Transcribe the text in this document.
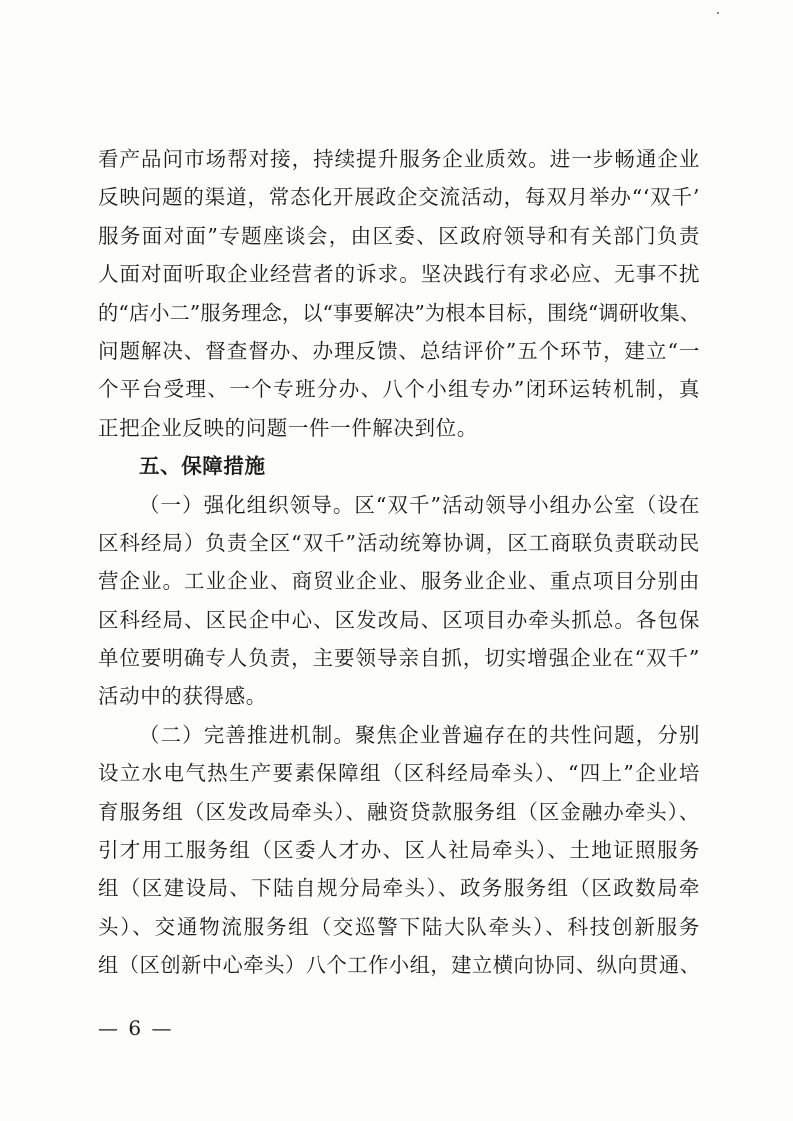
看产品问市场帮对接，持续提升服务企业质效。进一步畅通企业
反映问题的渠道，常态化开展政企交流活动，每双月举办“‘双千’
服务面对面”专题座谈会，由区委、区政府领导和有关部门负责
人面对面听取企业经营者的诉求。坚决践行有求必应、无事不扰
的“店小二”服务理念，以“事要解决”为根本目标，围绕“调研收集、
问题解决、督查督办、办理反馈、总结评价”五个环节，建立“一
个平台受理、一个专班分办、八个小组专办”闭环运转机制，真
正把企业反映的问题一件一件解决到位。
五、保障措施
（一）强化组织领导。区“双千”活动领导小组办公室（设在
区科经局）负责全区“双千”活动统筹协调，区工商联负责联动民
营企业。工业企业、商贸业企业、服务业企业、重点项目分别由
区科经局、区民企中心、区发改局、区项目办牵头抓总。各包保
单位要明确专人负责，主要领导亲自抓，切实增强企业在“双千”
活动中的获得感。
（二）完善推进机制。聚焦企业普遍存在的共性问题，分别
设立水电气热生产要素保障组（区科经局牵头）、“四上”企业培
育服务组（区发改局牵头）、融资贷款服务组（区金融办牵头）、
引才用工服务组（区委人才办、区人社局牵头）、土地证照服务
组（区建设局、下陆自规分局牵头）、政务服务组（区政数局牵
头）、交通物流服务组（交巡警下陆大队牵头）、科技创新服务
组（区创新中心牵头）八个工作小组，建立横向协同、纵向贯通、
— 6 —
